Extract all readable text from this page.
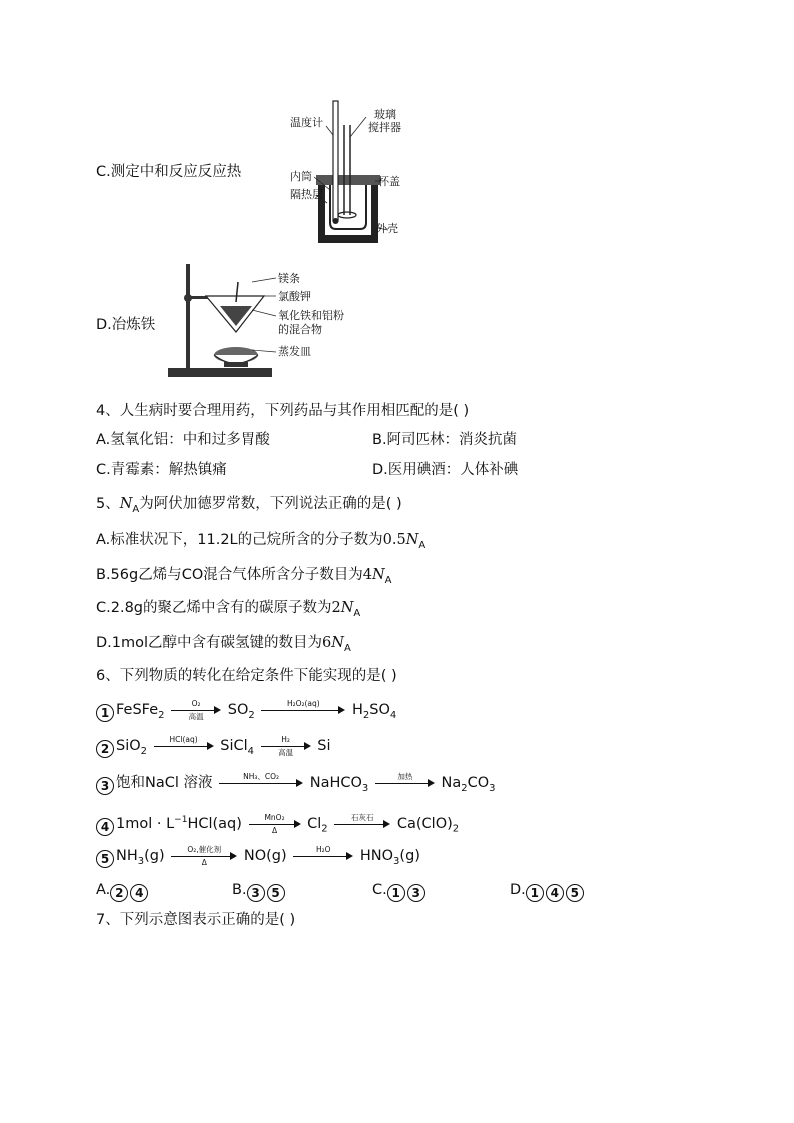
C.测定中和反应反应热
温度计
玻璃
搅拌器
杯盖
内筒
隔热层
外壳
D.冶炼铁
镁条
氯酸钾
氧化铁和铝粉
的混合物
蒸发皿
4、人生病时要合理用药，下列药品与其作用相匹配的是( )
A.氢氧化铝：中和过多胃酸	B.阿司匹林：消炎抗菌
C.青霉素：解热镇痛	D.医用碘酒：人体补碘
5、$N_A$为阿伏加德罗常数，下列说法正确的是( )
A.标准状况下，11.2L的己烷所含的分子数为$0.5N_A$
B.56g乙烯与CO混合气体所含分子数目为$4N_A$
C.2.8g的聚乙烯中含有的碳原子数为$2N_A$
D.1mol乙醇中含有碳氢键的数目为$6N_A$
6、下列物质的转化在给定条件下能实现的是( )
1 FeSFe$_2$
O₂
高温	$SO_2$
H₂O₂(aq)	$H_2SO_4$
2 SiO$_2$
HCl(aq)	SiCl$_4$
H₂
高温	Si
3 饱和NaCl 溶液	NH₃、CO₂	NaHCO$_3$
加热	$Na_2CO_3$
4 $1mol \cdot L^{-1}HCl(aq)$	MnO₂
Δ	$Cl_2$
石灰石	$Ca(ClO)_2$
5 $NH_3(g)$	O₂,催化剂
Δ	NO(g)	H₂O	$HNO_3(g)$
A. 2 4	B. 3 5	C. 1 3	D. 1 4 5
7、下列示意图表示正确的是( )
